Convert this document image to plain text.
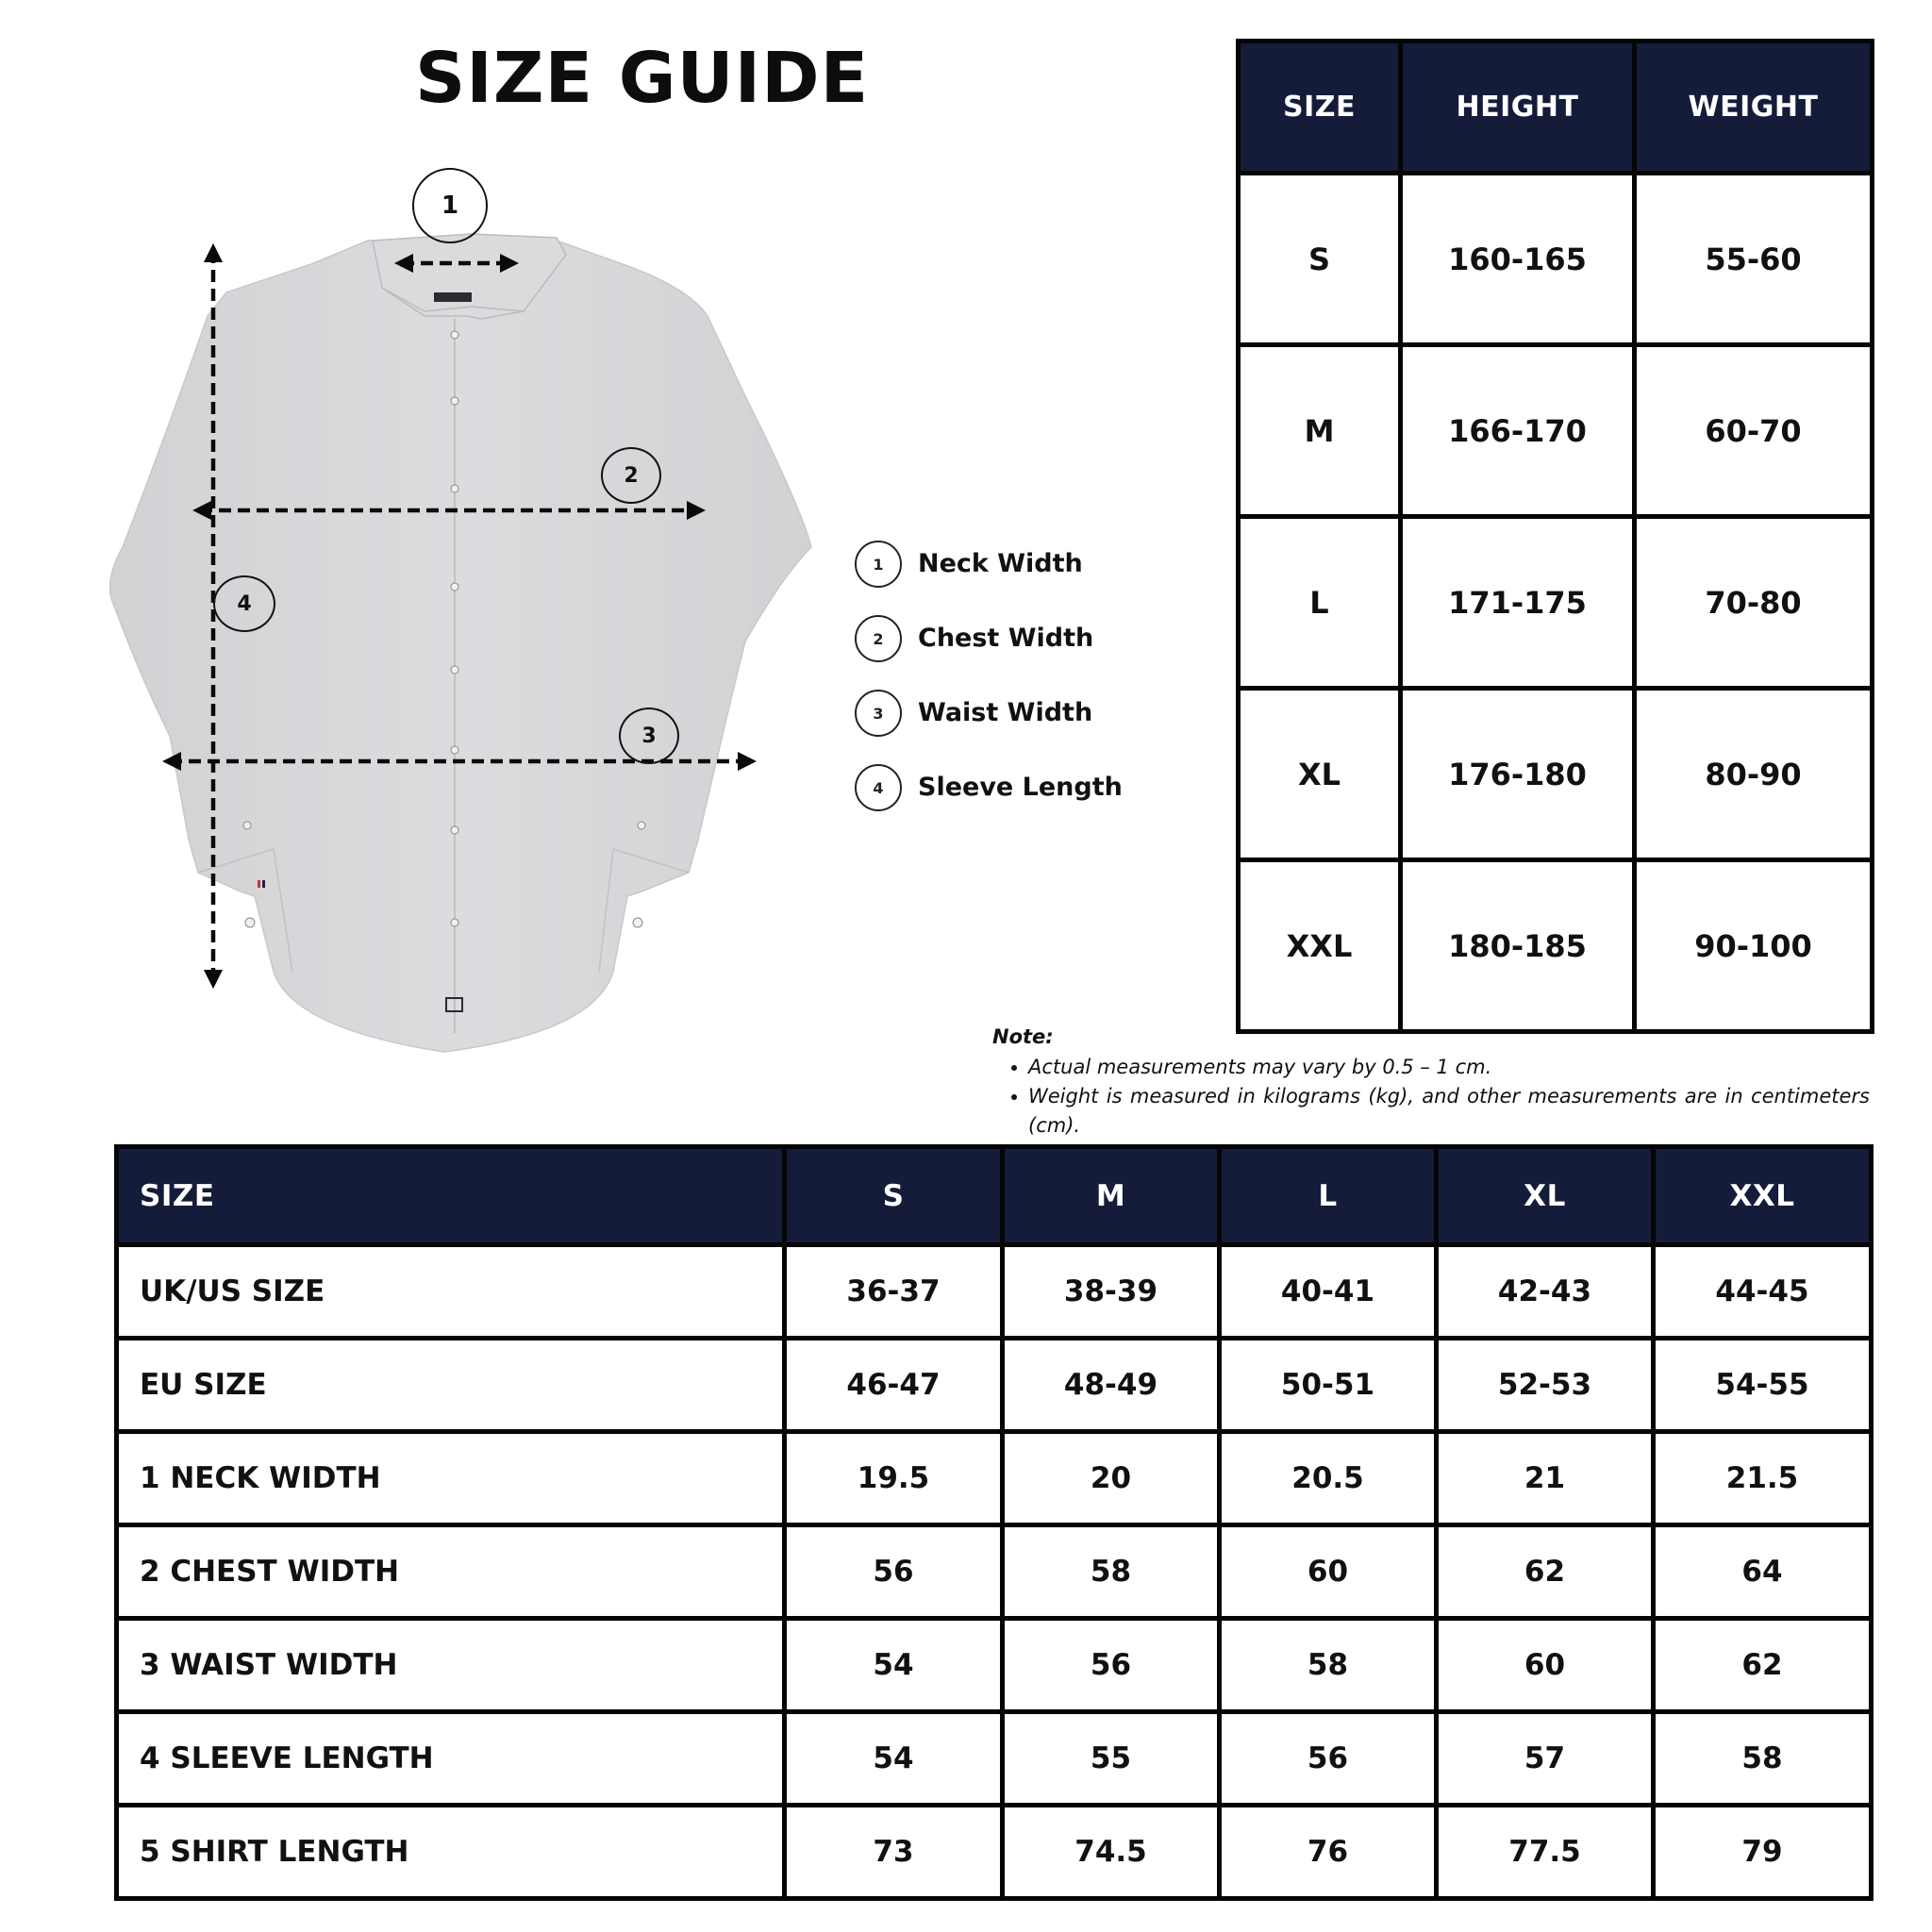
SIZE GUIDE
1
2
3
4
1	Neck Width
2	Chest Width
3	Waist Width
4	Sleeve Length
SIZE	HEIGHT	WEIGHT
S	160-165	55-60
M	166-170	60-70
L	171-175	70-80
XL	176-180	80-90
XXL	180-185	90-100
Note:
Actual measurements may vary by 0.5 – 1 cm.
Weight is measured in kilograms (kg), and other measurements are in centimeters (cm).
SIZE	S	M	L	XL	XXL
UK/US SIZE	36-37	38-39	40-41	42-43	44-45
EU SIZE	46-47	48-49	50-51	52-53	54-55
1 NECK WIDTH	19.5	20	20.5	21	21.5
2 CHEST WIDTH	56	58	60	62	64
3 WAIST WIDTH	54	56	58	60	62
4 SLEEVE LENGTH	54	55	56	57	58
5 SHIRT LENGTH	73	74.5	76	77.5	79
